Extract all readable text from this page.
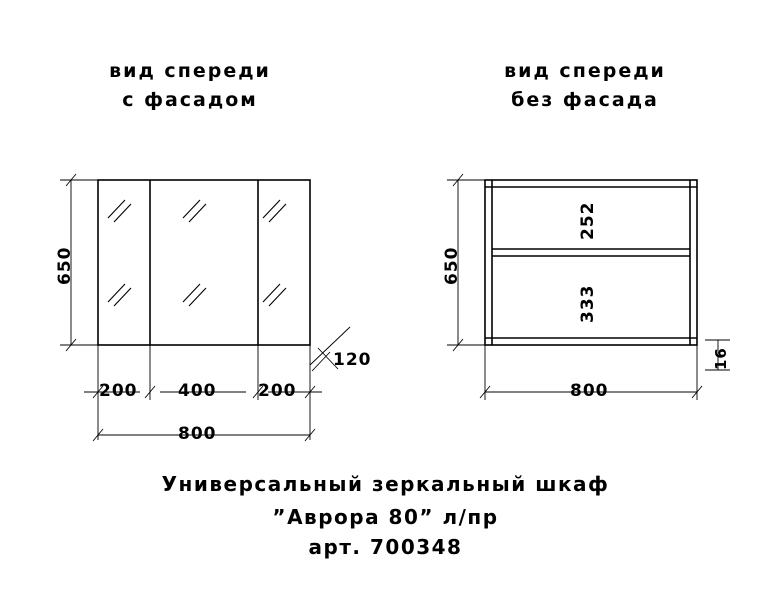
вид спереди
с фасадом
вид спереди
без фасада
650
200 400 200
800
120
650
252
333
800
16
Универсальный зеркальный шкаф
”Аврора 80” л/пр
арт. 700348
